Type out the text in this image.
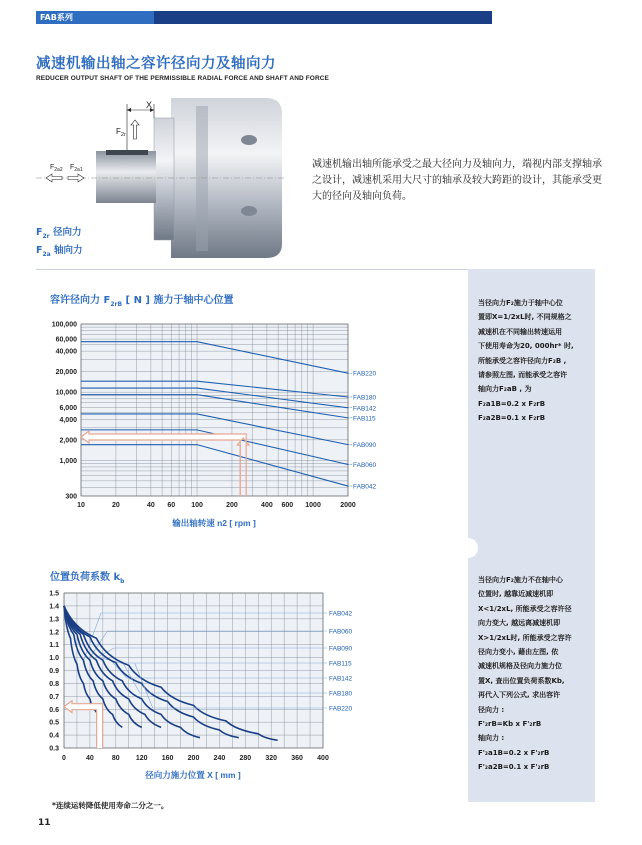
FAB系列
减速机输出轴之容许径向力及轴向力
REDUCER OUTPUT SHAFT OF THE PERMISSIBLE RADIAL FORCE AND SHAFT AND FORCE
X
$F_{2r}$
$F_{2a2}$ $F_{2a1}$	减速机输出轴所能承受之最大径向力及轴向力，端视内部支撑轴承之设计，减速机采用大尺寸的轴承及较大跨距的设计，其能承受更大的径向及轴向负荷。
$F_{2r}$ 径向力
$F_{2a}$ 轴向力
容许径向力 $F_{2rB}$ [ N ] 施力于轴中心位置	当径向力F₂施力于轴中心位
置即X=1/2xL时, 不同规格之
减速机在不同输出转速运用
下使用寿命为20, 000hr* 时,
所能承受之容许径向力F₂B ,
请参照左图, 而能承受之容许
轴向力F₂aB , 为
F₂a1B=0.2 x F₂rB
F₂a2B=0.1 x F₂rB
10	20	40 60 100	200	400 600 1000	2000
300
1,000
2,000
4,000
6,000
10,000
20,000
40,000
60,000
100,000
输出轴转速 n2 [ rpm ]
FAB220
FAB180
FAB142
FAB115
FAB090
FAB060
FAB042
位置负荷系数 $k_b$	当径向力F₂施力不在轴中心
位置时, 越靠近减速机即
X<1/2xL, 所能承受之容许径
向力变大, 越远离减速机即
X>1/2xL时, 所能承受之容许
径向力变小, 藉由左图, 依
减速机规格及径向力施力位
置X, 查出位置负荷系数Kb,
再代入下列公式, 求出容许
径向力 :
F'₂rB=Kb x F'₂rB
轴向力 :
F'₂a1B=0.2 x F'₂rB
F'₂a2B=0.1 x F'₂rB
0	40	80 120 160 200 240 280 320 360 400
0.3
0.4
0.5
0.6
0.7
0.8
0.9
1.0
1.1
1.2
1.3
1.4
1.5
径向力施力位置 X [ mm ]
FAB042
FAB060
FAB090
FAB115
FAB142
FAB180
FAB220
*连续运转降低使用寿命二分之一。
11
